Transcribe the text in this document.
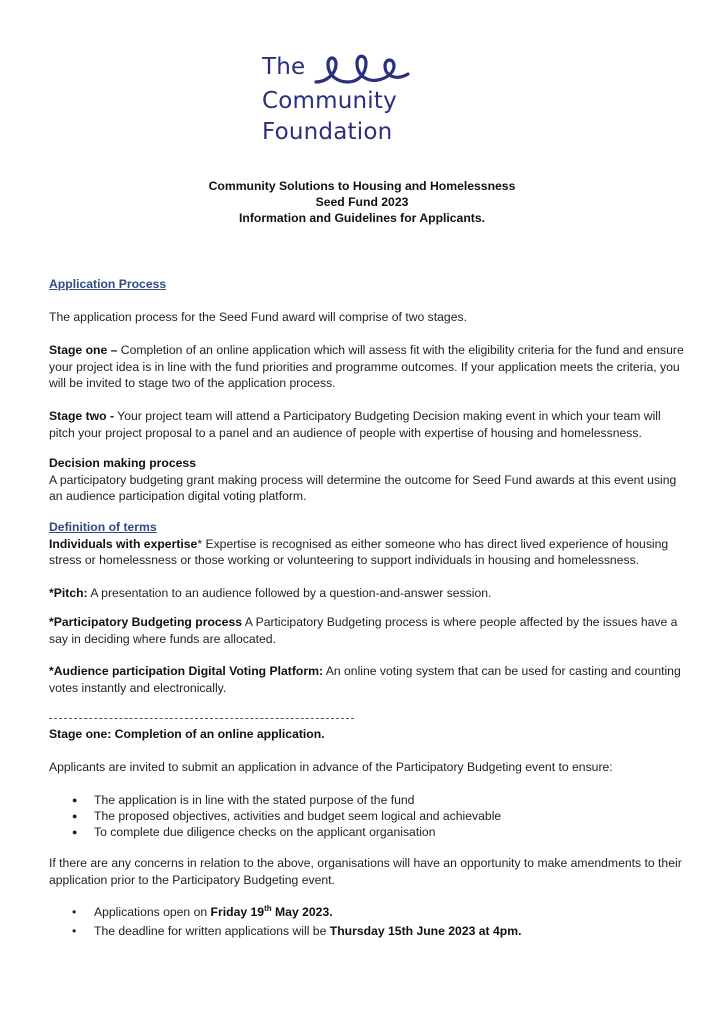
The
Community
Foundation
Community Solutions to Housing and Homelessness
Seed Fund 2023
Information and Guidelines for Applicants.
Application Process
The application process for the Seed Fund award will comprise of two stages.
Stage one – Completion of an online application which will assess fit with the eligibility criteria for the fund and ensure your project idea is in line with the fund priorities and programme outcomes. If your application meets the criteria, you will be invited to stage two of the application process.
Stage two - Your project team will attend a Participatory Budgeting Decision making event in which your team will pitch your project proposal to a panel and an audience of people with expertise of housing and homelessness.
Decision making process
A participatory budgeting grant making process will determine the outcome for Seed Fund awards at this event using an audience participation digital voting platform.
Definition of terms
Individuals with expertise* Expertise is recognised as either someone who has direct lived experience of housing stress or homelessness or those working or volunteering to support individuals in housing and homelessness.
*Pitch: A presentation to an audience followed by a question-and-answer session.
*Participatory Budgeting process A Participatory Budgeting process is where people affected by the issues have a say in deciding where funds are allocated.
*Audience participation Digital Voting Platform: An online voting system that can be used for casting and counting votes instantly and electronically.
Stage one: Completion of an online application.
Applicants are invited to submit an application in advance of the Participatory Budgeting event to ensure:
● The application is in line with the stated purpose of the fund
● The proposed objectives, activities and budget seem logical and achievable
● To complete due diligence checks on the applicant organisation
If there are any concerns in relation to the above, organisations will have an opportunity to make amendments to their application prior to the Participatory Budgeting event.
• Applications open on Friday 19th May 2023.
• The deadline for written applications will be Thursday 15th June 2023 at 4pm.
